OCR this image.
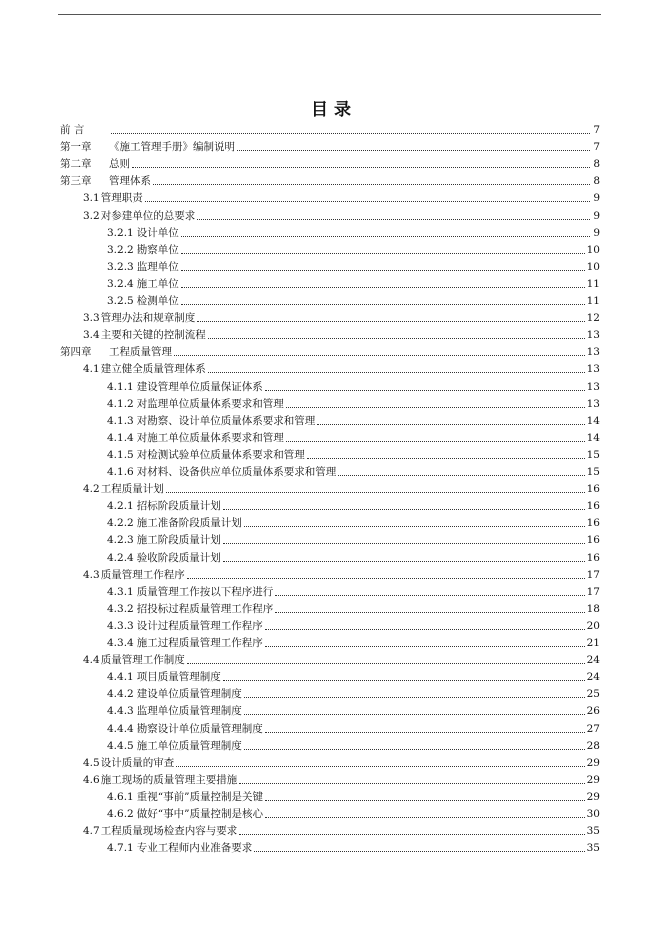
目 录
前 言	7
第一章	《施工管理手册》编制说明	7
第二章	总则	8
第三章	管理体系	8
3.1 管理职责	9
3.2 对参建单位的总要求	9
3.2.1 设计单位	9
3.2.2 勘察单位	10
3.2.3 监理单位	10
3.2.4 施工单位	11
3.2.5 检测单位	11
3.3 管理办法和规章制度	12
3.4 主要和关键的控制流程	13
第四章	工程质量管理	13
4.1 建立健全质量管理体系	13
4.1.1 建设管理单位质量保证体系	13
4.1.2 对监理单位质量体系要求和管理	13
4.1.3 对勘察、设计单位质量体系要求和管理	14
4.1.4 对施工单位质量体系要求和管理	14
4.1.5 对检测试验单位质量体系要求和管理	15
4.1.6 对材料、设备供应单位质量体系要求和管理	15
4.2 工程质量计划	16
4.2.1 招标阶段质量计划	16
4.2.2 施工准备阶段质量计划	16
4.2.3 施工阶段质量计划	16
4.2.4 验收阶段质量计划	16
4.3 质量管理工作程序	17
4.3.1 质量管理工作按以下程序进行	17
4.3.2 招投标过程质量管理工作程序	18
4.3.3 设计过程质量管理工作程序	20
4.3.4 施工过程质量管理工作程序	21
4.4 质量管理工作制度	24
4.4.1 项目质量管理制度	24
4.4.2 建设单位质量管理制度	25
4.4.3 监理单位质量管理制度	26
4.4.4 勘察设计单位质量管理制度	27
4.4.5 施工单位质量管理制度	28
4.5 设计质量的审查	29
4.6 施工现场的质量管理主要措施	29
4.6.1 重视“事前”质量控制是关键	29
4.6.2 做好“事中”质量控制是核心	30
4.7 工程质量现场检查内容与要求	35
4.7.1 专业工程师内业准备要求	35
